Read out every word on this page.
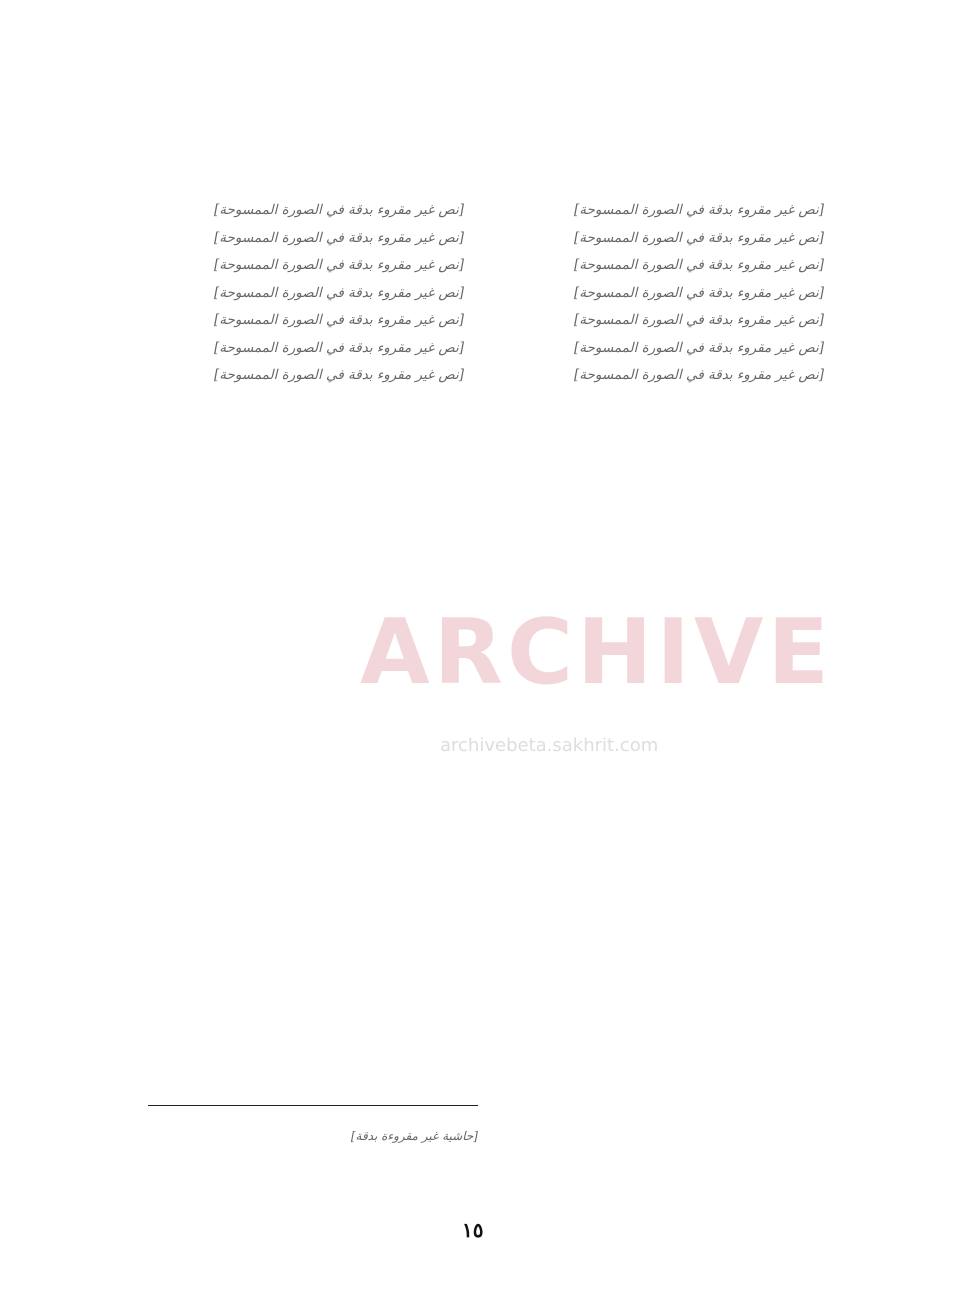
ARCHIVE
archivebeta.sakhrit.com

[نص غير مقروء بدقة في الصورة الممسوحة]

[نص غير مقروء بدقة في الصورة الممسوحة]

[نص غير مقروء بدقة في الصورة الممسوحة]

[نص غير مقروء بدقة في الصورة الممسوحة]

[نص غير مقروء بدقة في الصورة الممسوحة]

[نص غير مقروء بدقة في الصورة الممسوحة]

[نص غير مقروء بدقة في الصورة الممسوحة]

[نص غير مقروء بدقة في الصورة الممسوحة]

[نص غير مقروء بدقة في الصورة الممسوحة]

[نص غير مقروء بدقة في الصورة الممسوحة]

[نص غير مقروء بدقة في الصورة الممسوحة]

[نص غير مقروء بدقة في الصورة الممسوحة]

[نص غير مقروء بدقة في الصورة الممسوحة]

[نص غير مقروء بدقة في الصورة الممسوحة]

[حاشية غير مقروءة بدقة]

١٥
